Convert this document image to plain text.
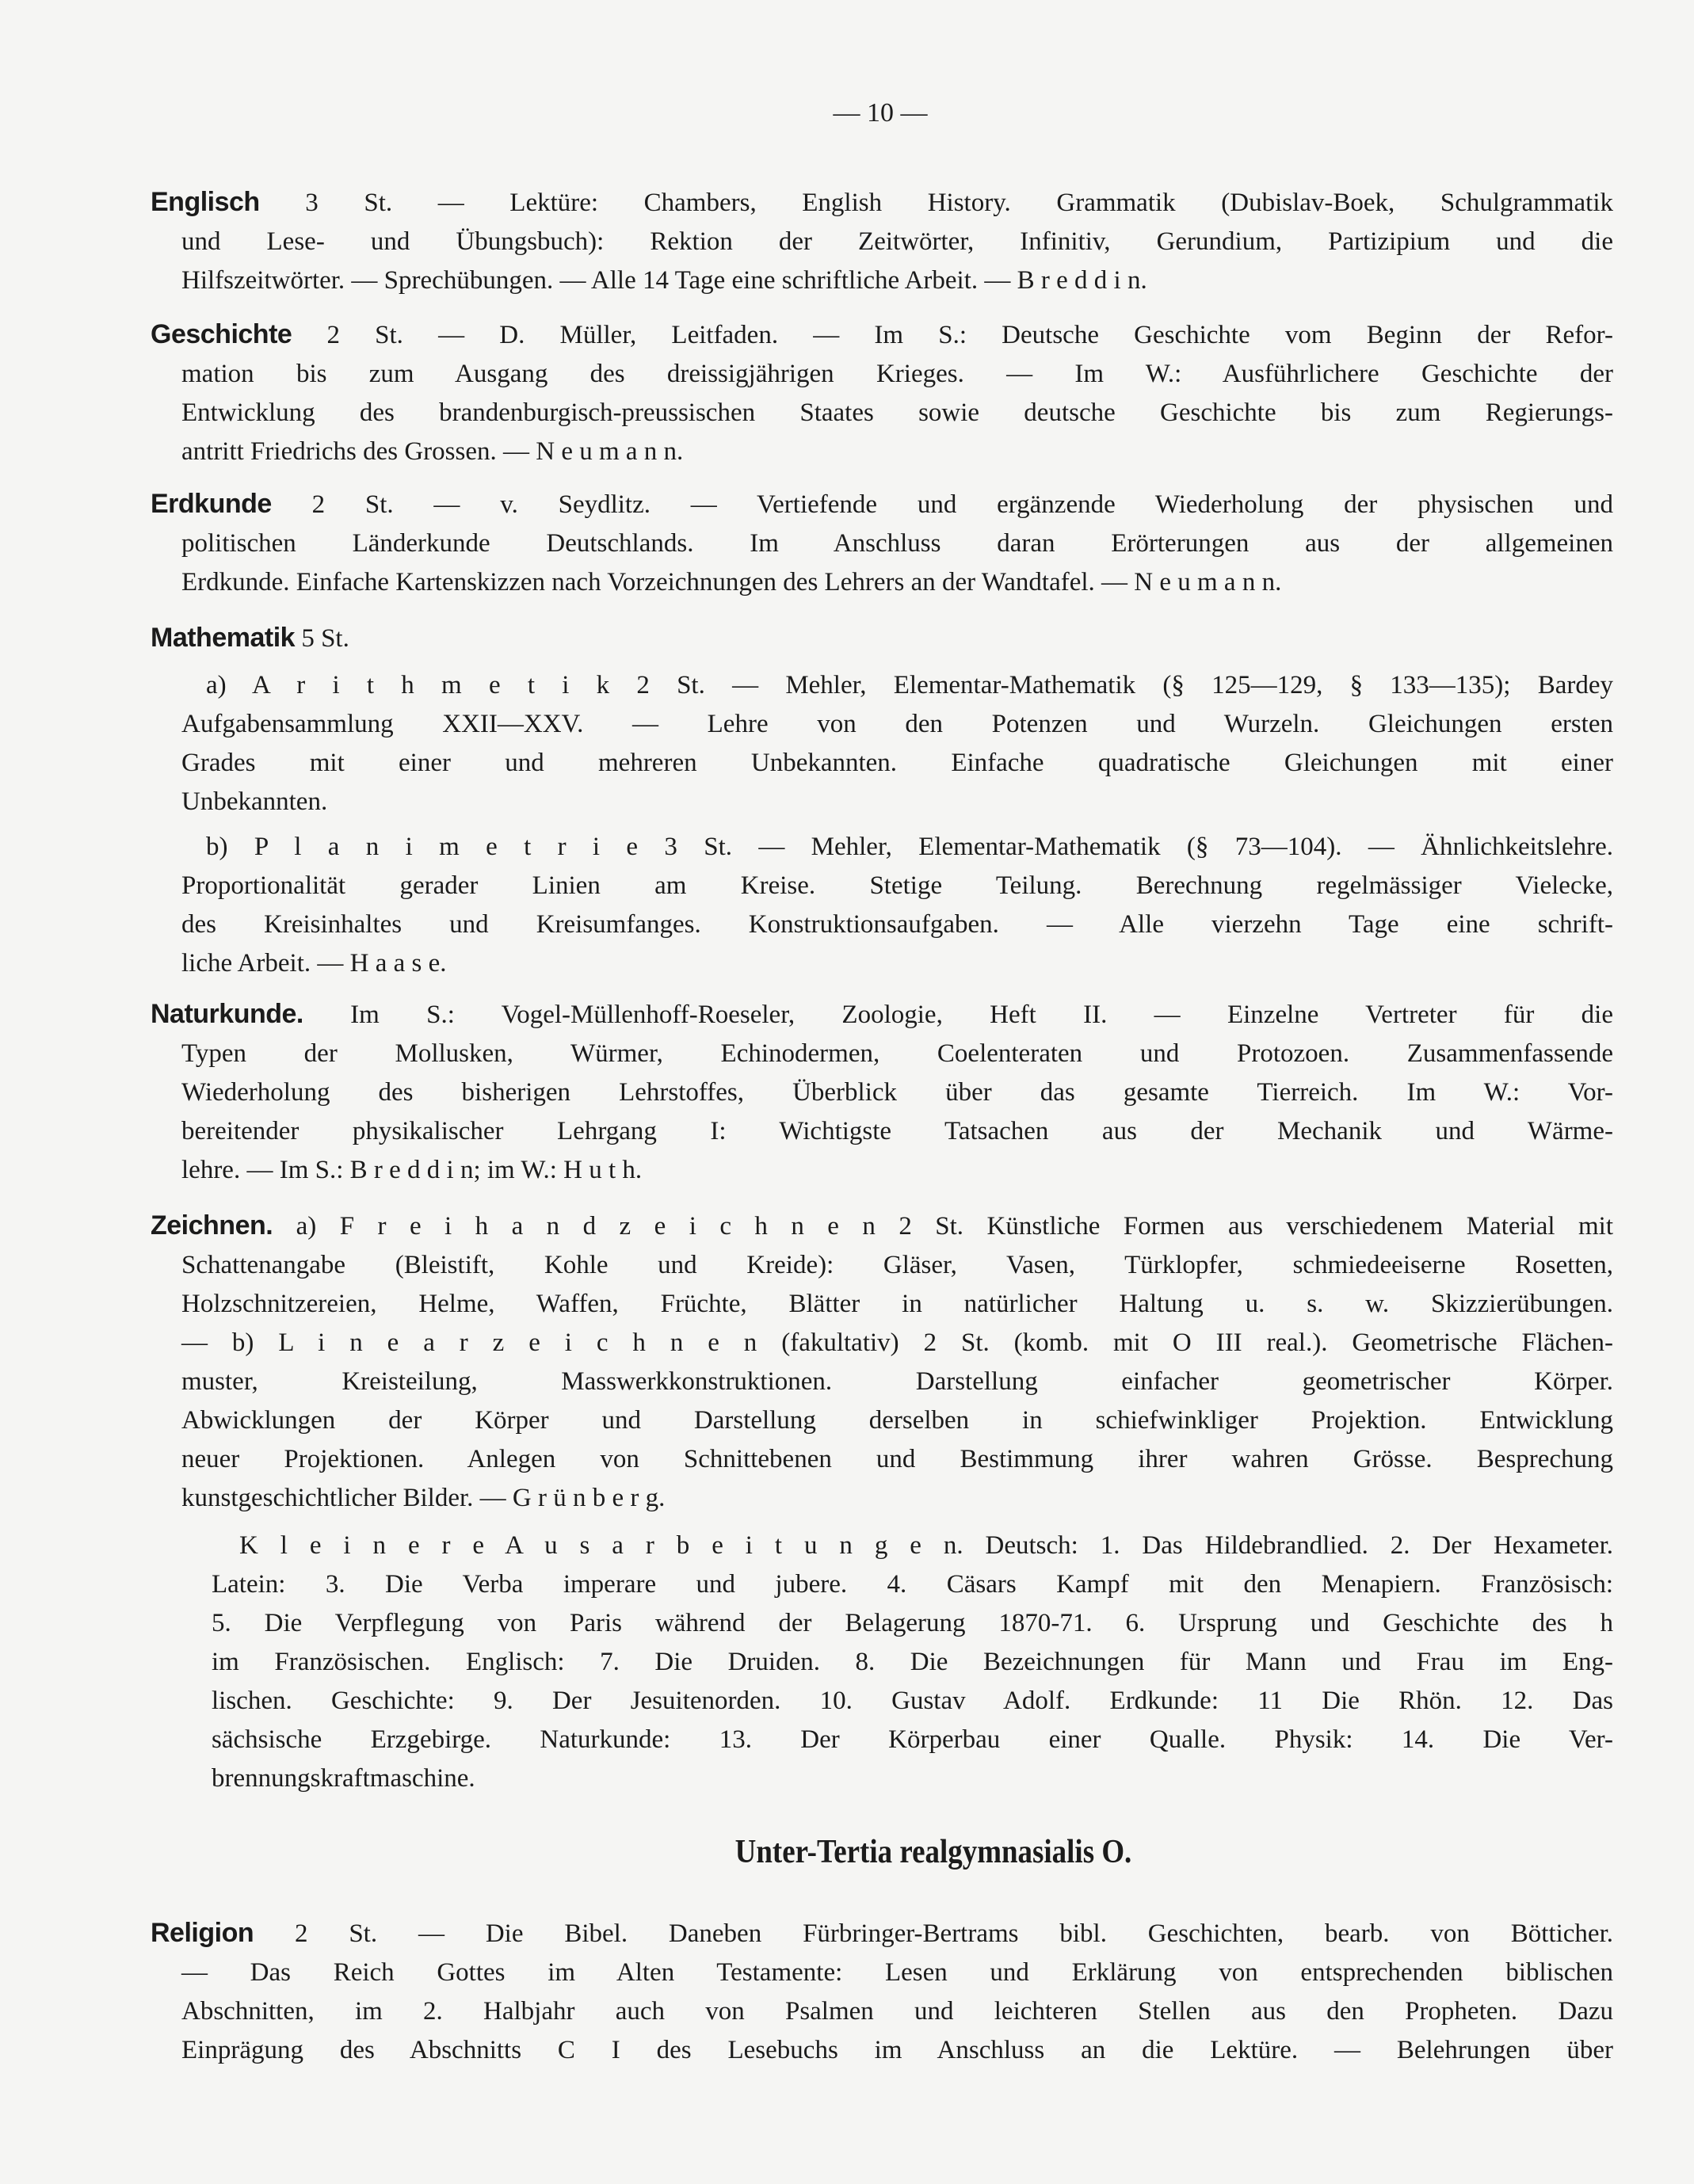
— 10 —
Englisch 3 St. — Lektüre: Chambers, English History. Grammatik (Dubislav-Boek, Schulgrammatik
und Lese- und Übungsbuch): Rektion der Zeitwörter, Infinitiv, Gerundium, Partizipium und die
Hilfszeitwörter. — Sprechübungen. — Alle 14 Tage eine schriftliche Arbeit. — B r e d d i n.
Geschichte 2 St. — D. Müller, Leitfaden. — Im S.: Deutsche Geschichte vom Beginn der Refor-
mation bis zum Ausgang des dreissigjährigen Krieges. — Im W.: Ausführlichere Geschichte der
Entwicklung des brandenburgisch-preussischen Staates sowie deutsche Geschichte bis zum Regierungs-
antritt Friedrichs des Grossen. — N e u m a n n.
Erdkunde 2 St. — v. Seydlitz. — Vertiefende und ergänzende Wiederholung der physischen und
politischen Länderkunde Deutschlands. Im Anschluss daran Erörterungen aus der allgemeinen
Erdkunde. Einfache Kartenskizzen nach Vorzeichnungen des Lehrers an der Wandtafel. — N e u m a n n.
Mathematik 5 St.
a) A r i t h m e t i k 2 St. — Mehler, Elementar-Mathematik (§ 125—129, § 133—135); Bardey
Aufgabensammlung XXII—XXV. — Lehre von den Potenzen und Wurzeln. Gleichungen ersten
Grades mit einer und mehreren Unbekannten. Einfache quadratische Gleichungen mit einer
Unbekannten.
b) P l a n i m e t r i e 3 St. — Mehler, Elementar-Mathematik (§ 73—104). — Ähnlichkeitslehre.
Proportionalität gerader Linien am Kreise. Stetige Teilung. Berechnung regelmässiger Vielecke,
des Kreisinhaltes und Kreisumfanges. Konstruktionsaufgaben. — Alle vierzehn Tage eine schrift-
liche Arbeit. — H a a s e.
Naturkunde. Im S.: Vogel-Müllenhoff-Roeseler, Zoologie, Heft II. — Einzelne Vertreter für die
Typen der Mollusken, Würmer, Echinodermen, Coelenteraten und Protozoen. Zusammenfassende
Wiederholung des bisherigen Lehrstoffes, Überblick über das gesamte Tierreich. Im W.: Vor-
bereitender physikalischer Lehrgang I: Wichtigste Tatsachen aus der Mechanik und Wärme-
lehre. — Im S.: B r e d d i n; im W.: H u t h.
Zeichnen. a) F r e i h a n d z e i c h n e n 2 St. Künstliche Formen aus verschiedenem Material mit
Schattenangabe (Bleistift, Kohle und Kreide): Gläser, Vasen, Türklopfer, schmiedeeiserne Rosetten,
Holzschnitzereien, Helme, Waffen, Früchte, Blätter in natürlicher Haltung u. s. w. Skizzierübungen.
— b) L i n e a r z e i c h n e n (fakultativ) 2 St. (komb. mit O III real.). Geometrische Flächen-
muster, Kreisteilung, Masswerkkonstruktionen. Darstellung einfacher geometrischer Körper.
Abwicklungen der Körper und Darstellung derselben in schiefwinkliger Projektion. Entwicklung
neuer Projektionen. Anlegen von Schnittebenen und Bestimmung ihrer wahren Grösse. Besprechung
kunstgeschichtlicher Bilder. — G r ü n b e r g.
K l e i n e r e A u s a r b e i t u n g e n. Deutsch: 1. Das Hildebrandlied. 2. Der Hexameter.
Latein: 3. Die Verba imperare und jubere. 4. Cäsars Kampf mit den Menapiern. Französisch:
5. Die Verpflegung von Paris während der Belagerung 1870-71. 6. Ursprung und Geschichte des h
im Französischen. Englisch: 7. Die Druiden. 8. Die Bezeichnungen für Mann und Frau im Eng-
lischen. Geschichte: 9. Der Jesuitenorden. 10. Gustav Adolf. Erdkunde: 11 Die Rhön. 12. Das
sächsische Erzgebirge. Naturkunde: 13. Der Körperbau einer Qualle. Physik: 14. Die Ver-
brennungskraftmaschine.
Religion 2 St. — Die Bibel. Daneben Fürbringer-Bertrams bibl. Geschichten, bearb. von Bötticher.
— Das Reich Gottes im Alten Testamente: Lesen und Erklärung von entsprechenden biblischen
Abschnitten, im 2. Halbjahr auch von Psalmen und leichteren Stellen aus den Propheten. Dazu
Einprägung des Abschnitts C I des Lesebuchs im Anschluss an die Lektüre. — Belehrungen über
Unter-Tertia realgymnasialis O.
